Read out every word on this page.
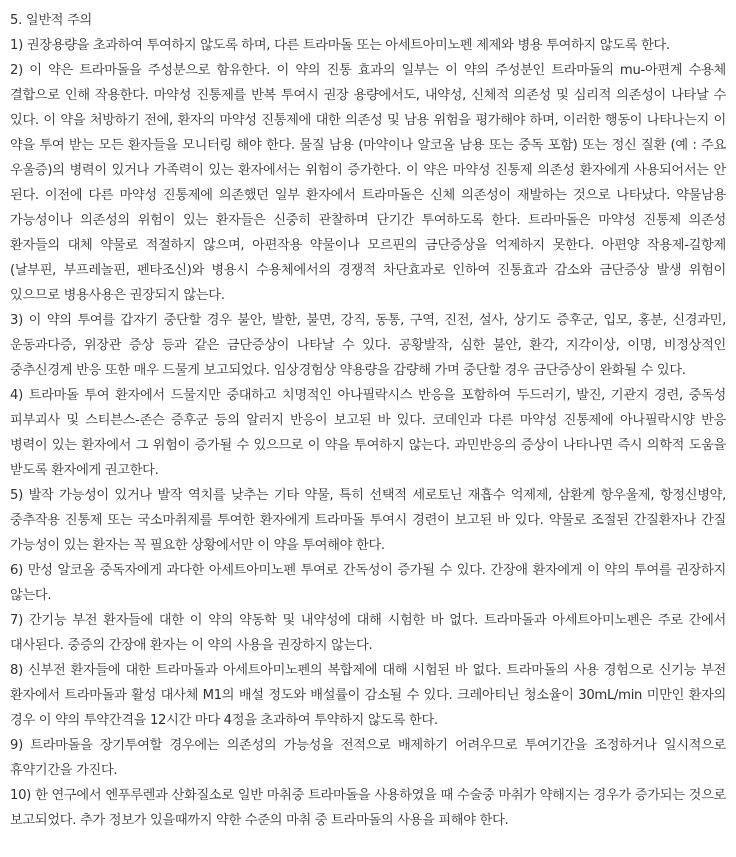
5. 일반적 주의

1) 권장용량을 초과하여 투여하지 않도록 하며, 다른 트라마돌 또는 아세트아미노펜 제제와 병용 투여하지 않도록 한다.

2) 이 약은 트라마돌을 주성분으로 함유한다. 이 약의 진통 효과의 일부는 이 약의 주성분인 트라마돌의 mu-아편계 수용체 결합으로 인해 작용한다. 마약성 진통제를 반복 투여시 권장 용량에서도, 내약성, 신체적 의존성 및 심리적 의존성이 나타날 수 있다. 이 약을 처방하기 전에, 환자의 마약성 진통제에 대한 의존성 및 남용 위험을 평가해야 하며, 이러한 행동이 나타나는지 이 약을 투여 받는 모든 환자들을 모니터링 해야 한다. 물질 남용 (마약이나 알코올 남용 또는 중독 포함) 또는 정신 질환 (예 : 주요 우울증)의 병력이 있거나 가족력이 있는 환자에서는 위험이 증가한다. 이 약은 마약성 진통제 의존성 환자에게 사용되어서는 안 된다. 이전에 다른 마약성 진통제에 의존했던 일부 환자에서 트라마돌은 신체 의존성이 재발하는 것으로 나타났다. 약물남용 가능성이나 의존성의 위험이 있는 환자들은 신중히 관찰하며 단기간 투여하도록 한다. 트라마돌은 마약성 진통제 의존성 환자들의 대체 약물로 적절하지 않으며, 아편작용 약물이나 모르핀의 금단증상을 억제하지 못한다. 아편양 작용제-길항제 (날부핀, 부프레놀핀, 펜타조신)와 병용시 수용체에서의 경쟁적 차단효과로 인하여 진통효과 감소와 금단증상 발생 위험이 있으므로 병용사용은 권장되지 않는다.

3) 이 약의 투여를 갑자기 중단할 경우 불안, 발한, 불면, 강직, 동통, 구역, 진전, 설사, 상기도 증후군, 입모, 홍분, 신경과민, 운동과다증, 위장관 증상 등과 같은 금단증상이 나타날 수 있다. 공황발작, 심한 불안, 환각, 지각이상, 이명, 비정상적인 중추신경계 반응 또한 매우 드물게 보고되었다. 임상경험상 약용량을 감량해 가며 중단할 경우 금단증상이 완화될 수 있다.

4) 트라마돌 투여 환자에서 드물지만 중대하고 치명적인 아나필락시스 반응을 포함하여 두드러기, 발진, 기관지 경련, 중독성 피부괴사 및 스티븐스-존슨 증후군 등의 알러지 반응이 보고된 바 있다. 코데인과 다른 마약성 진통제에 아나필락시양 반응 병력이 있는 환자에서 그 위험이 증가될 수 있으므로 이 약을 투여하지 않는다. 과민반응의 증상이 나타나면 즉시 의학적 도움을 받도록 환자에게 권고한다.

5) 발작 가능성이 있거나 발작 역치를 낮추는 기타 약물, 특히 선택적 세로토닌 재흡수 억제제, 삼환계 항우울제, 항정신병약, 중추작용 진통제 또는 국소마취제를 투여한 환자에게 트라마돌 투여시 경련이 보고된 바 있다. 약물로 조절된 간질환자나 간질 가능성이 있는 환자는 꼭 필요한 상황에서만 이 약을 투여해야 한다.

6) 만성 알코올 중독자에게 과다한 아세트아미노펜 투여로 간독성이 증가될 수 있다. 간장애 환자에게 이 약의 투여를 권장하지 않는다.

7) 간기능 부전 환자들에 대한 이 약의 약동학 및 내약성에 대해 시험한 바 없다. 트라마돌과 아세트아미노펜은 주로 간에서 대사된다. 중증의 간장애 환자는 이 약의 사용을 권장하지 않는다.

8) 신부전 환자들에 대한 트라마돌과 아세트아미노펜의 복합제에 대해 시험된 바 없다. 트라마돌의 사용 경험으로 신기능 부전 환자에서 트라마돌과 활성 대사체 M1의 배설 정도와 배설률이 감소될 수 있다. 크레아티닌 청소율이 30mL/min 미만인 환자의 경우 이 약의 투약간격을 12시간 마다 4정을 초과하여 투약하지 않도록 한다.

9) 트라마돌을 장기투여할 경우에는 의존성의 가능성을 전적으로 배제하기 어려우므로 투여기간을 조정하거나 일시적으로 휴약기간을 가진다.

10) 한 연구에서 엔푸루렌과 산화질소로 일반 마취중 트라마돌을 사용하였을 때 수술중 마취가 약해지는 경우가 증가되는 것으로 보고되었다. 추가 정보가 있을때까지 약한 수준의 마취 중 트라마돌의 사용을 피해야 한다.
